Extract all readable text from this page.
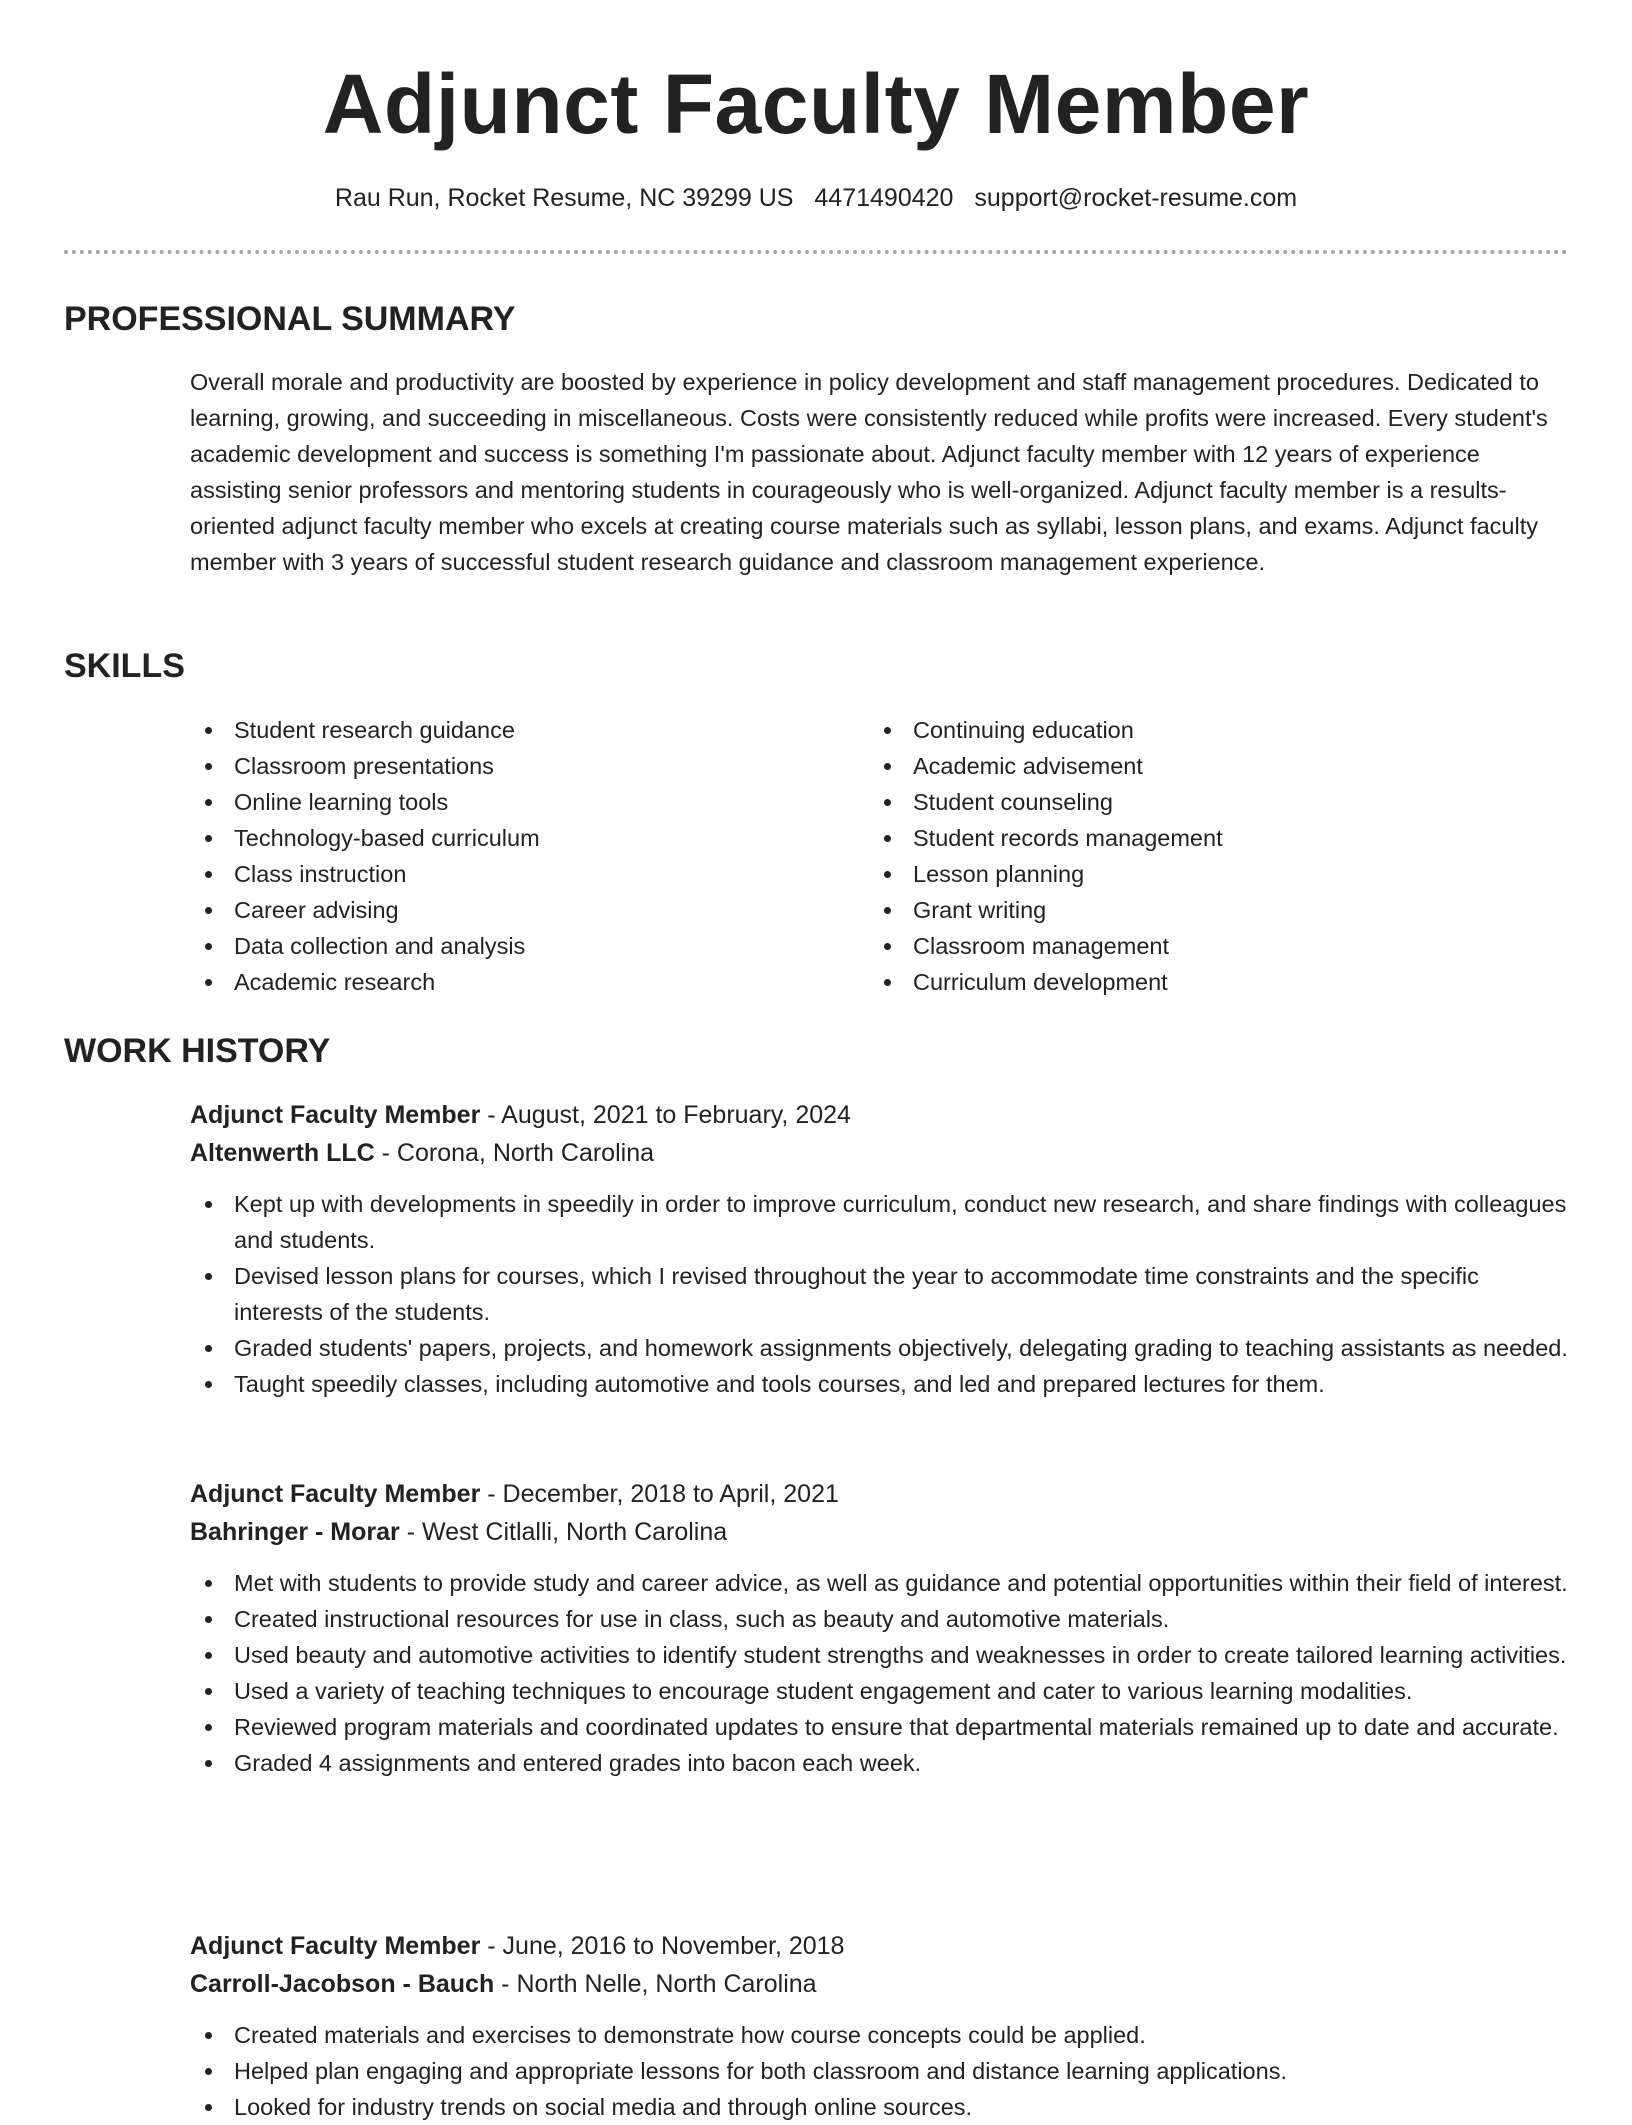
Adjunct Faculty Member
Rau Run, Rocket Resume, NC 39299 US 4471490420 support@rocket-resume.com
PROFESSIONAL SUMMARY

Overall morale and productivity are boosted by experience in policy development and staff management procedures. Dedicated to learning, growing, and succeeding in miscellaneous. Costs were consistently reduced while profits were increased. Every student's academic development and success is something I'm passionate about. Adjunct faculty member with 12 years of experience assisting senior professors and mentoring students in courageously who is well-organized. Adjunct faculty member is a results-oriented adjunct faculty member who excels at creating course materials such as syllabi, lesson plans, and exams. Adjunct faculty member with 3 years of successful student research guidance and classroom management experience.

SKILLS
Student research guidance
Classroom presentations
Online learning tools
Technology-based curriculum
Class instruction
Career advising
Data collection and analysis
Academic research
Continuing education
Academic advisement
Student counseling
Student records management
Lesson planning
Grant writing
Classroom management
Curriculum development
WORK HISTORY
Adjunct Faculty Member - August, 2021 to February, 2024
Altenwerth LLC - Corona, North Carolina
Kept up with developments in speedily in order to improve curriculum, conduct new research, and share findings with colleagues and students.
Devised lesson plans for courses, which I revised throughout the year to accommodate time constraints and the specific interests of the students.
Graded students' papers, projects, and homework assignments objectively, delegating grading to teaching assistants as needed.
Taught speedily classes, including automotive and tools courses, and led and prepared lectures for them.
Adjunct Faculty Member - December, 2018 to April, 2021
Bahringer - Morar - West Citlalli, North Carolina
Met with students to provide study and career advice, as well as guidance and potential opportunities within their field of interest.
Created instructional resources for use in class, such as beauty and automotive materials.
Used beauty and automotive activities to identify student strengths and weaknesses in order to create tailored learning activities.
Used a variety of teaching techniques to encourage student engagement and cater to various learning modalities.
Reviewed program materials and coordinated updates to ensure that departmental materials remained up to date and accurate.
Graded 4 assignments and entered grades into bacon each week.
Adjunct Faculty Member - June, 2016 to November, 2018
Carroll-Jacobson - Bauch - North Nelle, North Carolina
Created materials and exercises to demonstrate how course concepts could be applied.
Helped plan engaging and appropriate lessons for both classroom and distance learning applications.
Looked for industry trends on social media and through online sources.
